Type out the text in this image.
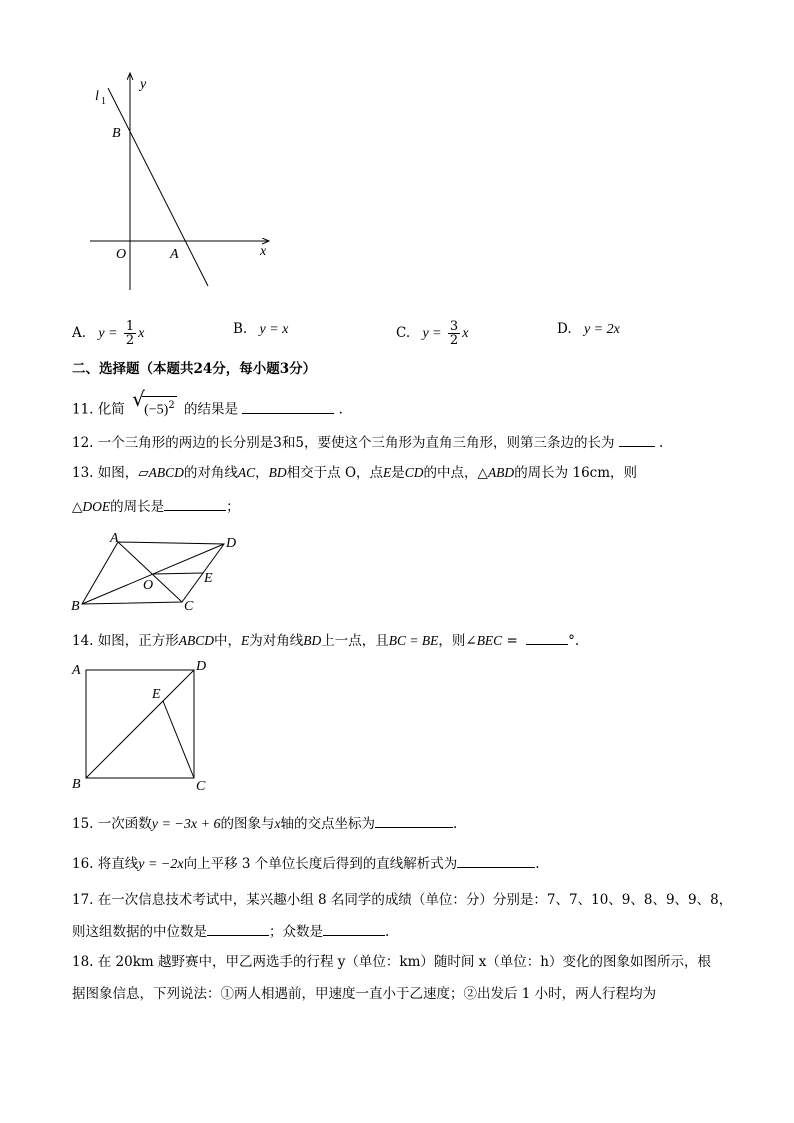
y
x
l 1
B
O	A
A. $y = \frac{1}{2}$ x	B. y = x	C. $y = \frac{3}{2}$ x	D. y = 2x
二、选择题（本题共24分，每小题3分）
11. 化简 √ $(-5)^2$ 的结果是	.
12. 一个三角形的两边的长分别是3和5，要使这个三角形为直角三角形，则第三条边的长为	.
13. 如图，▱ABCD的对角线AC，BD相交于点 O，点E是CD的中点，△ABD的周长为 16cm，则
△DOE的周长是	；
A	D
O	E
B	C
14. 如图，正方形ABCD中，E为对角线BD上一点，且BC = BE，则∠BEC =	°.
A	D
E
B	C
15. 一次函数y = −3x + 6的图象与x轴的交点坐标为	.
16. 将直线y = −2x向上平移 3 个单位长度后得到的直线解析式为	.
17. 在一次信息技术考试中，某兴趣小组 8 名同学的成绩（单位：分）分别是：7、7、10、9、8、9、9、8，
则这组数据的中位数是	；众数是	.
18. 在 20km 越野赛中，甲乙两选手的行程 y（单位：km）随时间 x（单位：h）变化的图象如图所示，根
据图象信息，下列说法：①两人相遇前，甲速度一直小于乙速度；②出发后 1 小时，两人行程均为
